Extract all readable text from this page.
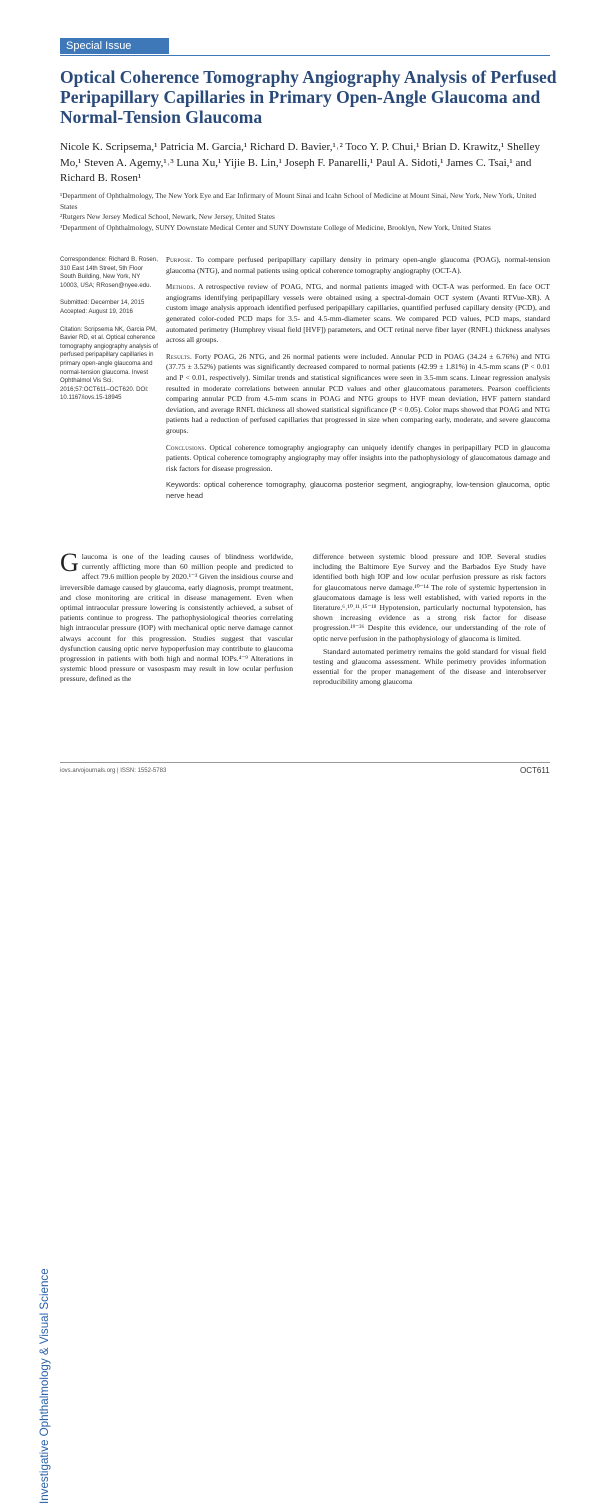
Special Issue
Optical Coherence Tomography Angiography Analysis of Perfused Peripapillary Capillaries in Primary Open-Angle Glaucoma and Normal-Tension Glaucoma
Nicole K. Scripsema,¹ Patricia M. Garcia,¹ Richard D. Bavier,¹˒² Toco Y. P. Chui,¹ Brian D. Krawitz,¹ Shelley Mo,¹ Steven A. Agemy,¹˒³ Luna Xu,¹ Yijie B. Lin,¹ Joseph F. Panarelli,¹ Paul A. Sidoti,¹ James C. Tsai,¹ and Richard B. Rosen¹
¹Department of Ophthalmology, The New York Eye and Ear Infirmary of Mount Sinai and Icahn School of Medicine at Mount Sinai, New York, New York, United States
²Rutgers New Jersey Medical School, Newark, New Jersey, United States
³Department of Ophthalmology, SUNY Downstate Medical Center and SUNY Downstate College of Medicine, Brooklyn, New York, United States

Correspondence: Richard B. Rosen, 310 East 14th Street, 5th Floor South Building, New York, NY 10003, USA; RRosen@nyee.edu.

Submitted: December 14, 2015

Accepted: August 19, 2016

Citation: Scripsema NK, Garcia PM, Bavier RD, et al. Optical coherence tomography angiography analysis of perfused peripapillary capillaries in primary open-angle glaucoma and normal-tension glaucoma. Invest Ophthalmol Vis Sci. 2016;57:OCT611–OCT620. DOI: 10.1167/iovs.15-18945

Purpose. To compare perfused peripapillary capillary density in primary open-angle glaucoma (POAG), normal-tension glaucoma (NTG), and normal patients using optical coherence tomography angiography (OCT-A).

Methods. A retrospective review of POAG, NTG, and normal patients imaged with OCT-A was performed. En face OCT angiograms identifying peripapillary vessels were obtained using a spectral-domain OCT system (Avanti RTVue-XR). A custom image analysis approach identified perfused peripapillary capillaries, quantified perfused capillary density (PCD), and generated color-coded PCD maps for 3.5- and 4.5-mm-diameter scans. We compared PCD values, PCD maps, standard automated perimetry (Humphrey visual field [HVF]) parameters, and OCT retinal nerve fiber layer (RNFL) thickness analyses across all groups.

Results. Forty POAG, 26 NTG, and 26 normal patients were included. Annular PCD in POAG (34.24 ± 6.76%) and NTG (37.75 ± 3.52%) patients was significantly decreased compared to normal patients (42.99 ± 1.81%) in 4.5-mm scans (P < 0.01 and P < 0.01, respectively). Similar trends and statistical significances were seen in 3.5-mm scans. Linear regression analysis resulted in moderate correlations between annular PCD values and other glaucomatous parameters. Pearson coefficients comparing annular PCD from 4.5-mm scans in POAG and NTG groups to HVF mean deviation, HVF pattern standard deviation, and average RNFL thickness all showed statistical significance (P < 0.05). Color maps showed that POAG and NTG patients had a reduction of perfused capillaries that progressed in size when comparing early, moderate, and severe glaucoma groups.

Conclusions. Optical coherence tomography angiography can uniquely identify changes in peripapillary PCD in glaucoma patients. Optical coherence tomography angiography may offer insights into the pathophysiology of glaucomatous damage and risk factors for disease progression.

Keywords: optical coherence tomography, glaucoma posterior segment, angiography, low-tension glaucoma, optic nerve head

Investigative Ophthalmology & Visual Science

Glaucoma is one of the leading causes of blindness worldwide, currently afflicting more than 60 million people and predicted to affect 79.6 million people by 2020.¹⁻³ Given the insidious course and irreversible damage caused by glaucoma, early diagnosis, prompt treatment, and close monitoring are critical in disease management. Even when optimal intraocular pressure lowering is consistently achieved, a subset of patients continue to progress. The pathophysiological theories correlating high intraocular pressure (IOP) with mechanical optic nerve damage cannot always account for this progression. Studies suggest that vascular dysfunction causing optic nerve hypoperfusion may contribute to glaucoma progression in patients with both high and normal IOPs.⁴⁻⁹ Alterations in systemic blood pressure or vasospasm may result in low ocular perfusion pressure, defined as the

difference between systemic blood pressure and IOP. Several studies including the Baltimore Eye Survey and the Barbados Eye Study have identified both high IOP and low ocular perfusion pressure as risk factors for glaucomatous nerve damage.¹⁰⁻¹⁴ The role of systemic hypertension in glaucomatous damage is less well established, with varied reports in the literature.⁶˒¹⁰˒¹¹˒¹⁵⁻¹⁸ Hypotension, particularly nocturnal hypotension, has shown increasing evidence as a strong risk factor for disease progression.¹⁹⁻²⁶ Despite this evidence, our understanding of the role of optic nerve perfusion in the pathophysiology of glaucoma is limited.

Standard automated perimetry remains the gold standard for visual field testing and glaucoma assessment. While perimetry provides information essential for the proper management of the disease and interobserver reproducibility among glaucoma

iovs.arvojournals.org | ISSN: 1552-5783	OCT611
